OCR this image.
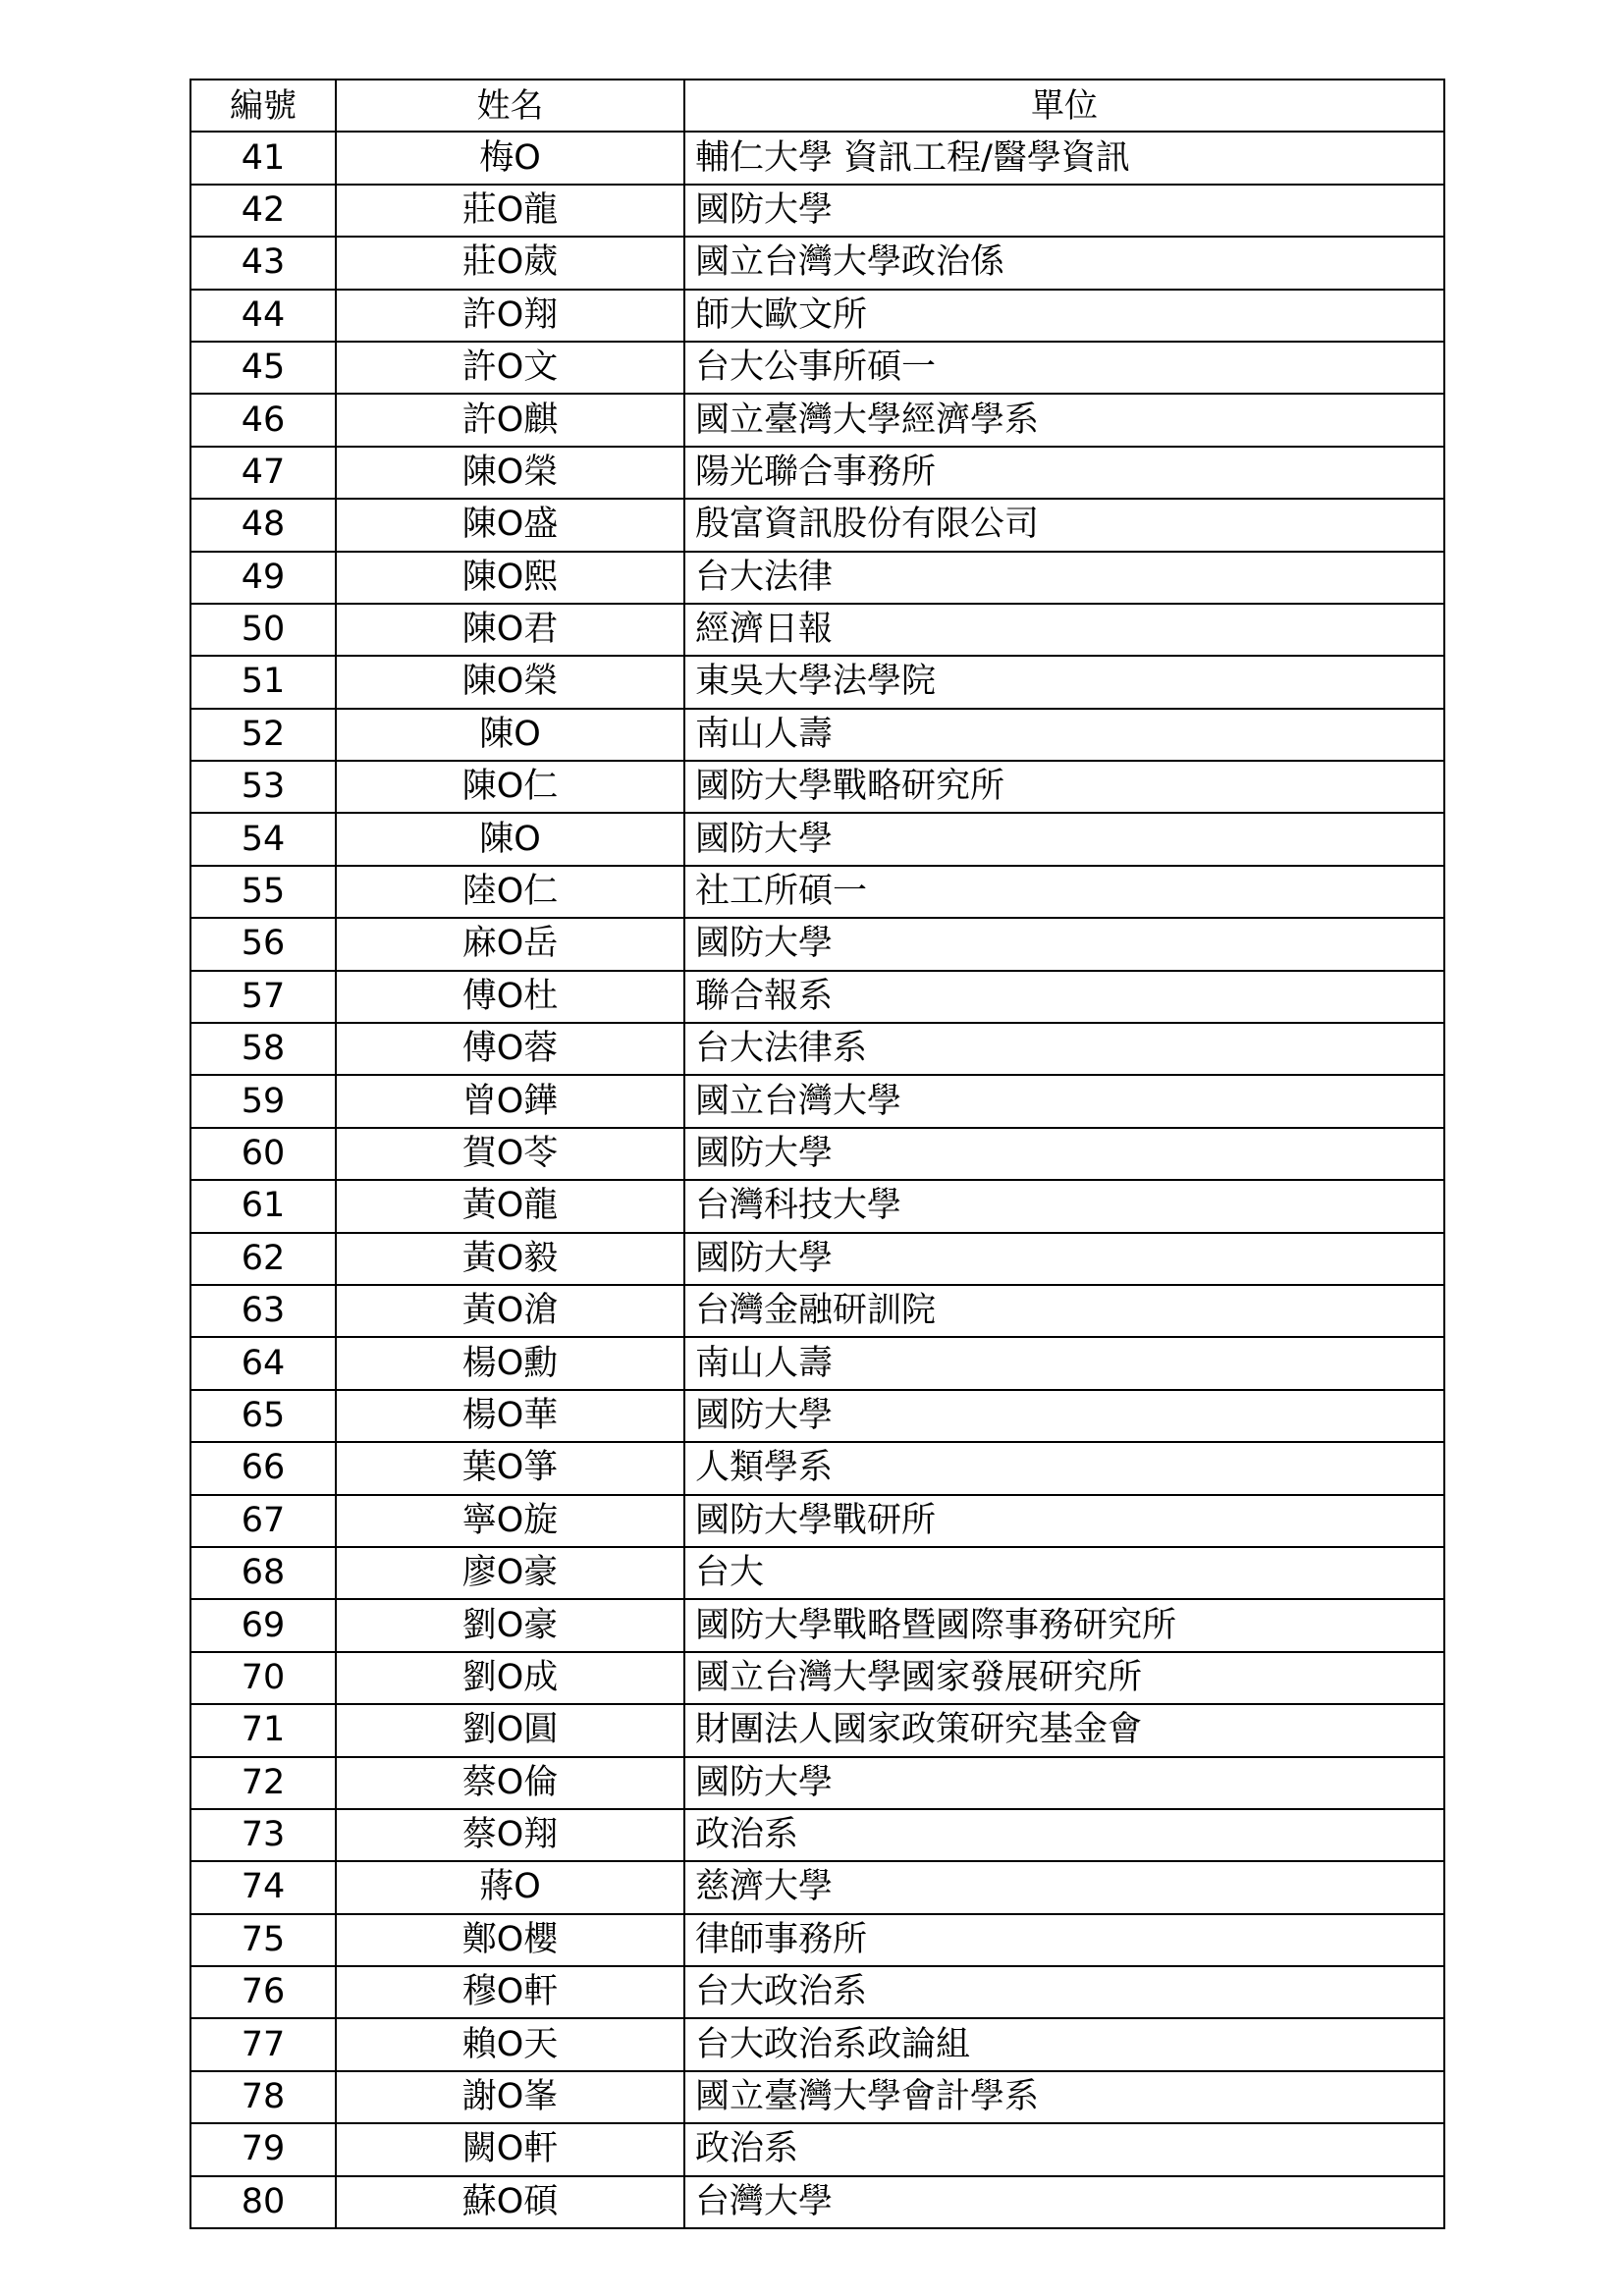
編號	姓名	單位
41	梅O	輔仁大學 資訊工程/醫學資訊
42	莊O龍	國防大學
43	莊O葳	國立台灣大學政治係
44	許O翔	師大歐文所
45	許O文	台大公事所碩一
46	許O麒	國立臺灣大學經濟學系
47	陳O榮	陽光聯合事務所
48	陳O盛	殷富資訊股份有限公司
49	陳O熙	台大法律
50	陳O君	經濟日報
51	陳O榮	東吳大學法學院
52	陳O	南山人壽
53	陳O仁	國防大學戰略研究所
54	陳O	國防大學
55	陸O仁	社工所碩一
56	麻O岳	國防大學
57	傅O杜	聯合報系
58	傅O蓉	台大法律系
59	曾O鏵	國立台灣大學
60	賀O苓	國防大學
61	黃O龍	台灣科技大學
62	黃O毅	國防大學
63	黃O滄	台灣金融研訓院
64	楊O勳	南山人壽
65	楊O華	國防大學
66	葉O箏	人類學系
67	寧O旋	國防大學戰研所
68	廖O豪	台大
69	劉O豪	國防大學戰略暨國際事務研究所
70	劉O成	國立台灣大學國家發展研究所
71	劉O圓	財團法人國家政策研究基金會
72	蔡O倫	國防大學
73	蔡O翔	政治系
74	蔣O	慈濟大學
75	鄭O櫻	律師事務所
76	穆O軒	台大政治系
77	賴O天	台大政治系政論組
78	謝O峯	國立臺灣大學會計學系
79	闕O軒	政治系
80	蘇O碩	台灣大學
